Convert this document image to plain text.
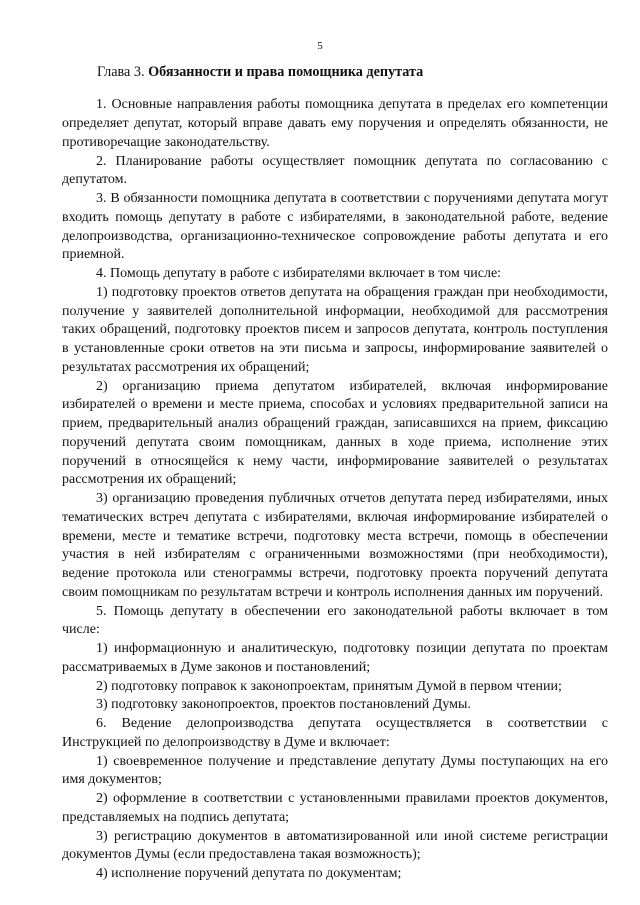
5
Глава 3. Обязанности и права помощника депутата

1. Основные направления работы помощника депутата в пределах его компетенции определяет депутат, который вправе давать ему поручения и определять обязанности, не противоречащие законодательству.

2. Планирование работы осуществляет помощник депутата по согласованию с депутатом.

3. В обязанности помощника депутата в соответствии с поручениями депутата могут входить помощь депутату в работе с избирателями, в законодательной работе, ведение делопроизводства, организационно-техническое сопровождение работы депутата и его приемной.

4. Помощь депутату в работе с избирателями включает в том числе:

1) подготовку проектов ответов депутата на обращения граждан при необходимости, получение у заявителей дополнительной информации, необходимой для рассмотрения таких обращений, подготовку проектов писем и запросов депутата, контроль поступления в установленные сроки ответов на эти письма и запросы, информирование заявителей о результатах рассмотрения их обращений;

2) организацию приема депутатом избирателей, включая информирование избирателей о времени и месте приема, способах и условиях предварительной записи на прием, предварительный анализ обращений граждан, записавшихся на прием, фиксацию поручений депутата своим помощникам, данных в ходе приема, исполнение этих поручений в относящейся к нему части, информирование заявителей о результатах рассмотрения их обращений;

3) организацию проведения публичных отчетов депутата перед избирателями, иных тематических встреч депутата с избирателями, включая информирование избирателей о времени, месте и тематике встречи, подготовку места встречи, помощь в обеспечении участия в ней избирателям с ограниченными возможностями (при необходимости), ведение протокола или стенограммы встречи, подготовку проекта поручений депутата своим помощникам по результатам встречи и контроль исполнения данных им поручений.

5. Помощь депутату в обеспечении его законодательной работы включает в том числе:

1) информационную и аналитическую, подготовку позиции депутата по проектам рассматриваемых в Думе законов и постановлений;

2) подготовку поправок к законопроектам, принятым Думой в первом чтении;

3) подготовку законопроектов, проектов постановлений Думы.

6. Ведение делопроизводства депутата осуществляется в соответствии с Инструкцией по делопроизводству в Думе и включает:

1) своевременное получение и представление депутату Думы поступающих на его имя документов;

2) оформление в соответствии с установленными правилами проектов документов, представляемых на подпись депутата;

3) регистрацию документов в автоматизированной или иной системе регистрации документов Думы (если предоставлена такая возможность);

4) исполнение поручений депутата по документам;
